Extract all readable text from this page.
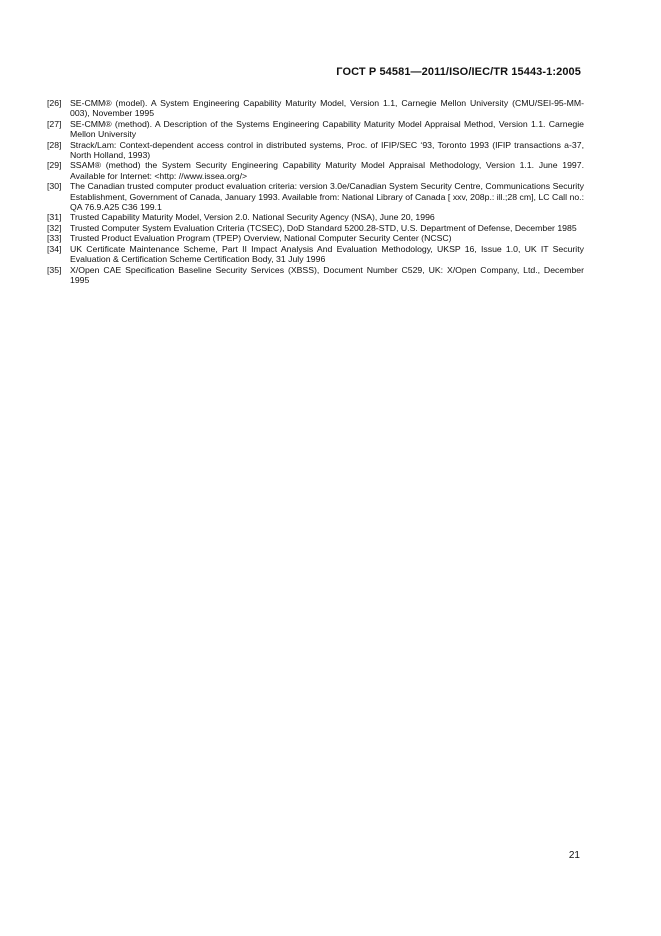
ГОСТ Р 54581—2011/ISO/IEC/TR 15443-1:2005
[26] SE-CMM® (model). A System Engineering Capability Maturity Model, Version 1.1, Carnegie Mellon University (CMU/SEI-95-MM-003), November 1995
[27] SE-CMM® (method). A Description of the Systems Engineering Capability Maturity Model Appraisal Method, Version 1.1. Carnegie Mellon University
[28] Strack/Lam: Context-dependent access control in distributed systems, Proc. of IFIP/SEC ‘93, Toronto 1993 (IFIP transactions a-37, North Holland, 1993)
[29] SSAM® (method) the System Security Engineering Capability Maturity Model Appraisal Methodology, Version 1.1. June 1997. Available for Internet: <http: //www.issea.org/>
[30] The Canadian trusted computer product evaluation criteria: version 3.0e/Canadian System Security Centre, Communications Security Establishment, Government of Canada, January 1993. Available from: National Library of Canada [ xxv, 208p.: ill.;28 cm], LC Call no.: QA 76.9.A25 C36 199.1
[31] Trusted Capability Maturity Model, Version 2.0. National Security Agency (NSA), June 20, 1996
[32] Trusted Computer System Evaluation Criteria (TCSEC), DoD Standard 5200.28-STD, U.S. Department of Defense, December 1985
[33] Trusted Product Evaluation Program (TPEP) Overview, National Computer Security Center (NCSC)
[34] UK Certificate Maintenance Scheme, Part II Impact Analysis And Evaluation Methodology, UKSP 16, Issue 1.0, UK IT Security Evaluation & Certification Scheme Certification Body, 31 July 1996
[35] X/Open CAE Specification Baseline Security Services (XBSS), Document Number C529, UK: X/Open Company, Ltd., December 1995
21
